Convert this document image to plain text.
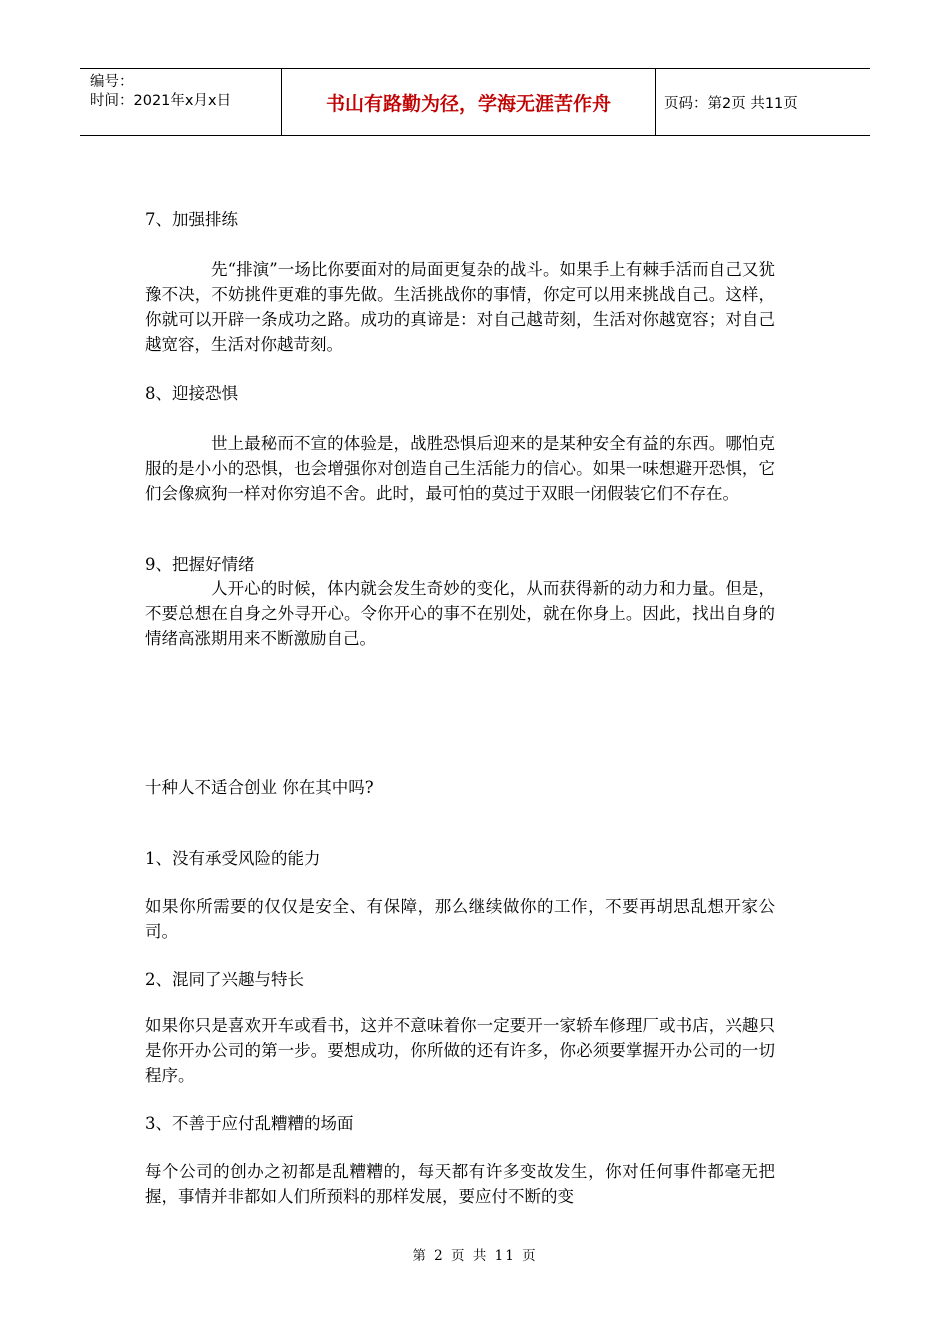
编号：
时间：2021年x月x日	书山有路勤为径，学海无涯苦作舟	页码：第2页 共11页
7、加强排练
先“排演”一场比你要面对的局面更复杂的战斗。如果手上有棘手活而自己又犹豫不决，不妨挑件更难的事先做。生活挑战你的事情，你定可以用来挑战自己。这样，你就可以开辟一条成功之路。成功的真谛是：对自己越苛刻，生活对你越宽容；对自己越宽容，生活对你越苛刻。
8、迎接恐惧
世上最秘而不宣的体验是，战胜恐惧后迎来的是某种安全有益的东西。哪怕克服的是小小的恐惧，也会增强你对创造自己生活能力的信心。如果一味想避开恐惧，它们会像疯狗一样对你穷追不舍。此时，最可怕的莫过于双眼一闭假装它们不存在。
9、把握好情绪
人开心的时候，体内就会发生奇妙的变化，从而获得新的动力和力量。但是，不要总想在自身之外寻开心。令你开心的事不在别处，就在你身上。因此，找出自身的情绪高涨期用来不断激励自己。
十种人不适合创业 你在其中吗?
1、没有承受风险的能力
如果你所需要的仅仅是安全、有保障，那么继续做你的工作，不要再胡思乱想开家公司。
2、混同了兴趣与特长
如果你只是喜欢开车或看书，这并不意味着你一定要开一家轿车修理厂或书店，兴趣只是你开办公司的第一步。要想成功，你所做的还有许多，你必须要掌握开办公司的一切程序。
3、不善于应付乱糟糟的场面
每个公司的创办之初都是乱糟糟的，每天都有许多变故发生，你对任何事件都毫无把握，事情并非都如人们所预料的那样发展，要应付不断的变
第 2 页 共 11 页
